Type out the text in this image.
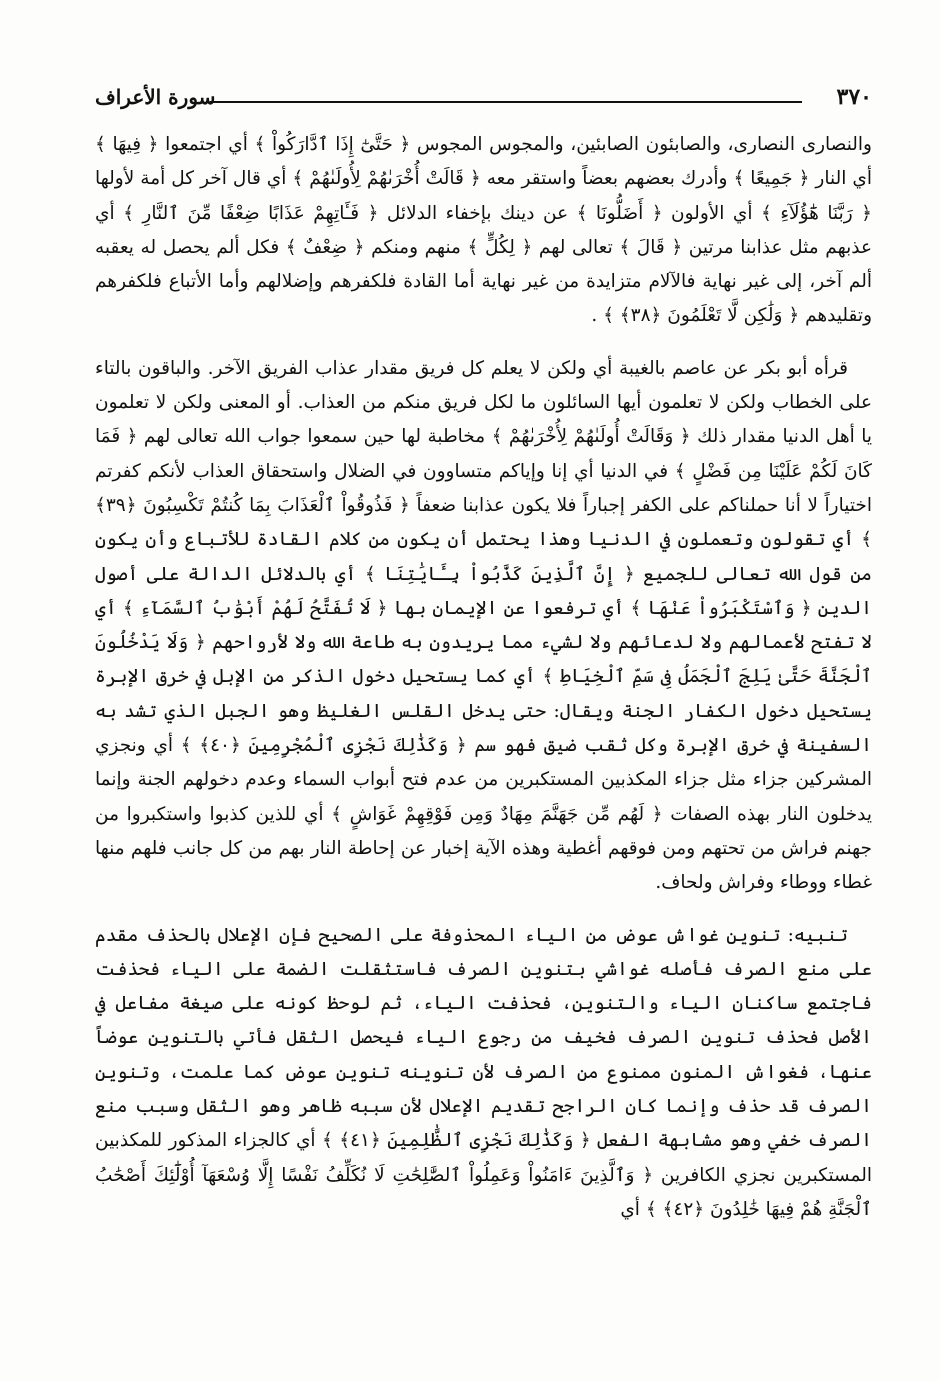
٣٧٠
سورة الأعراف

والنصارى النصارى، والصابئون الصابئين، والمجوس المجوس ﴿ حَتَّىٰٓ إِذَا ٱدَّارَكُواْ ﴾ أي اجتمعوا ﴿ فِيهَا ﴾ أي النار ﴿ جَمِيعًا ﴾ وأدرك بعضهم بعضاً واستقر معه ﴿ قَالَتْ أُخْرَىٰهُمْ لِأُولَىٰهُمْ ﴾ أي قال آخر كل أمة لأولها ﴿ رَبَّنَا هَٰٓؤُلَآءِ ﴾ أي الأولون ﴿ أَضَلُّونَا ﴾ عن دينك بإخفاء الدلائل ﴿ فَـَٔاتِهِمْ عَذَابًا ضِعْفًا مِّنَ ٱلنَّارِ ﴾ أي عذبهم مثل عذابنا مرتين ﴿ قَالَ ﴾ تعالى لهم ﴿ لِكُلٍّ ﴾ منهم ومنكم ﴿ ضِعْفٌ ﴾ فكل ألم يحصل له يعقبه ألم آخر، إلى غير نهاية فالآلام متزايدة من غير نهاية أما القادة فلكفرهم وإضلالهم وأما الأتباع فلكفرهم وتقليدهم ﴿ وَلَٰكِن لَّا تَعْلَمُونَ ﴿٣٨﴾ ﴾ .

قرأه أبو بكر عن عاصم بالغيبة أي ولكن لا يعلم كل فريق مقدار عذاب الفريق الآخر. والباقون بالتاء على الخطاب ولكن لا تعلمون أيها السائلون ما لكل فريق منكم من العذاب. أو المعنى ولكن لا تعلمون يا أهل الدنيا مقدار ذلك ﴿ وَقَالَتْ أُولَىٰهُمْ لِأُخْرَىٰهُمْ ﴾ مخاطبة لها حين سمعوا جواب الله تعالى لهم ﴿ فَمَا كَانَ لَكُمْ عَلَيْنَا مِن فَضْلٍ ﴾ في الدنيا أي إنا وإياكم متساوون في الضلال واستحقاق العذاب لأنكم كفرتم اختياراً لا أنا حملناكم على الكفر إجباراً فلا يكون عذابنا ضعفاً ﴿ فَذُوقُواْ ٱلْعَذَابَ بِمَا كُنتُمْ تَكْسِبُونَ ﴿٣٩﴾ ﴾ أي تقولون وتعملون في الدنيا وهذا يحتمل أن يكون من كلام القادة للأتباع وأن يكون من قول الله تعالى للجميع ﴿ إِنَّ ٱلَّذِينَ كَذَّبُواْ بِـَٔايَٰتِنَا ﴾ أي بالدلائل الدالة على أصول الدين ﴿ وَٱسْتَكْبَرُواْ عَنْهَا ﴾ أي ترفعوا عن الإيمان بها ﴿ لَا تُفَتَّحُ لَهُمْ أَبْوَٰبُ ٱلسَّمَآءِ ﴾ أي لا تفتح لأعمالهم ولا لدعائهم ولا لشيء مما يريدون به طاعة الله ولا لأرواحهم ﴿ وَلَا يَدْخُلُونَ ٱلْجَنَّةَ حَتَّىٰ يَلِجَ ٱلْجَمَلُ فِى سَمِّ ٱلْخِيَاطِ ﴾ أي كما يستحيل دخول الذكر من الإبل في خرق الإبرة يستحيل دخول الكفار الجنة ويقال: حتى يدخل القلس الغليظ وهو الجبل الذي تشد به السفينة في خرق الإبرة وكل ثقب ضيق فهو سم ﴿ وَكَذَٰلِكَ نَجْزِى ٱلْمُجْرِمِينَ ﴿٤٠﴾ ﴾ أي ونجزي المشركين جزاء مثل جزاء المكذبين المستكبرين من عدم فتح أبواب السماء وعدم دخولهم الجنة وإنما يدخلون النار بهذه الصفات ﴿ لَهُم مِّن جَهَنَّمَ مِهَادٌ وَمِن فَوْقِهِمْ غَوَاشٍ ﴾ أي للذين كذبوا واستكبروا من جهنم فراش من تحتهم ومن فوقهم أغطية وهذه الآية إخبار عن إحاطة النار بهم من كل جانب فلهم منها غطاء ووطاء وفراش ولحاف.

تنبيه: تنوين غواش عوض من الياء المحذوفة على الصحيح فإن الإعلال بالحذف مقدم على منع الصرف فأصله غواشي بتنوين الصرف فاستثقلت الضمة على الياء فحذفت فاجتمع ساكنان الياء والتنوين، فحذفت الياء، ثم لوحظ كونه على صيغة مفاعل في الأصل فحذف تنوين الصرف فخيف من رجوع الياء فيحصل الثقل فأتي بالتنوين عوضاً عنها، فغواش المنون ممنوع من الصرف لأن تنوينه تنوين عوض كما علمت، وتنوين الصرف قد حذف وإنما كان الراجح تقديم الإعلال لأن سببه ظاهر وهو الثقل وسبب منع الصرف خفي وهو مشابهة الفعل ﴿ وَكَذَٰلِكَ نَجْزِى ٱلظَّٰلِمِينَ ﴿٤١﴾ ﴾ أي كالجزاء المذكور للمكذبين المستكبرين نجزي الكافرين ﴿ وَٱلَّذِينَ ءَامَنُواْ وَعَمِلُواْ ٱلصَّٰلِحَٰتِ لَا نُكَلِّفُ نَفْسًا إِلَّا وُسْعَهَآ أُوْلَٰٓئِكَ أَصْحَٰبُ ٱلْجَنَّةِ هُمْ فِيهَا خَٰلِدُونَ ﴿٤٢﴾ ﴾ أي
